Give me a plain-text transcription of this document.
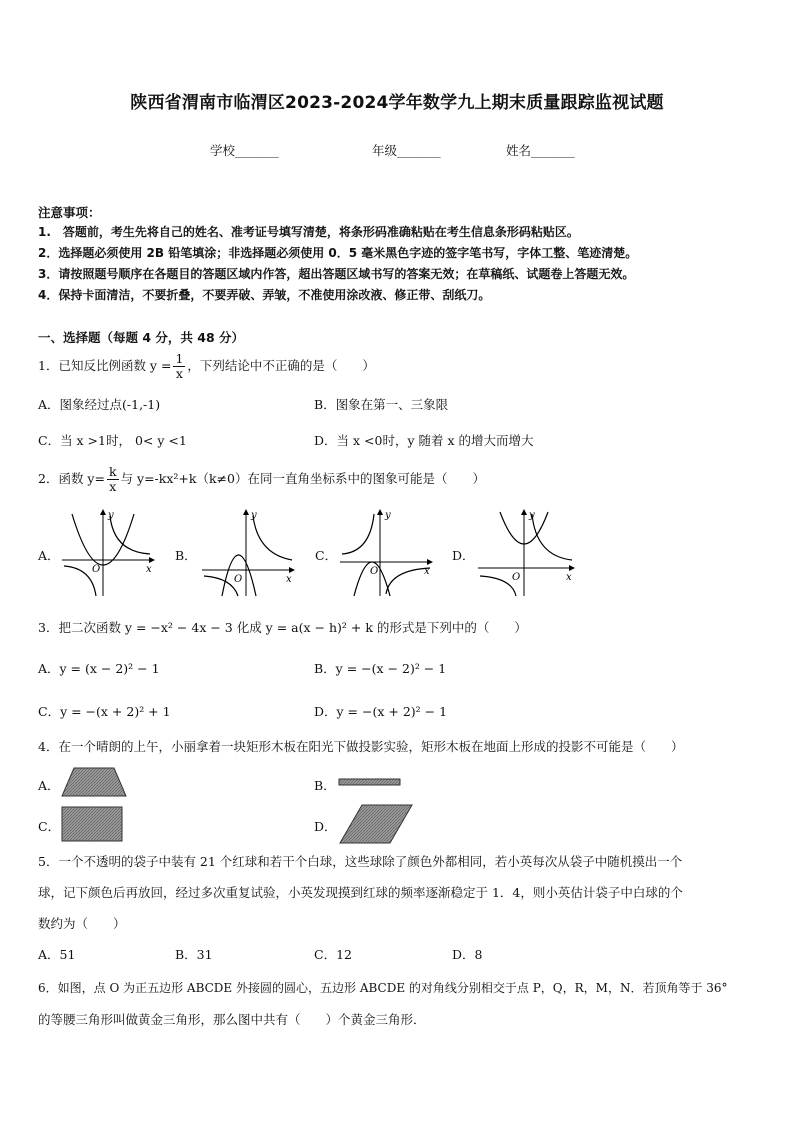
陕西省渭南市临渭区2023-2024学年数学九上期末质量跟踪监视试题
学校_______	年级_______	姓名_______
注意事项：
1.　答题前，考生先将自己的姓名、准考证号填写清楚，将条形码准确粘贴在考生信息条形码粘贴区。
2．选择题必须使用 2B 铅笔填涂；非选择题必须使用 0．5 毫米黑色字迹的签字笔书写，字体工整、笔迹清楚。
3．请按照题号顺序在各题目的答题区域内作答，超出答题区域书写的答案无效；在草稿纸、试题卷上答题无效。
4．保持卡面清洁，不要折叠，不要弄破、弄皱，不准使用涂改液、修正带、刮纸刀。
一、选择题（每题 4 分，共 48 分）
1．已知反比例函数 $y = \frac{1}{x}$ ，下列结论中不正确的是（　　）
A．图象经过点(-1,-1)	B．图象在第一、三象限
C．当 x >1时， 0< y <1	D．当 x <0时，y 随着 x 的增大而增大
2．函数 $y= \frac{k}{x}$ 与 y=-kx²+k（k≠0）在同一直角坐标系中的图象可能是（　　）
A．	B．	C．	D．
y
x
O
y
x
O
y
x
O
y
x
O
3．把二次函数 y = −x² − 4x − 3 化成 y = a(x − h)² + k 的形式是下列中的（　　）
A．y = (x − 2)² − 1	B．y = −(x − 2)² − 1
C．y = −(x + 2)² + 1	D．y = −(x + 2)² − 1
4．在一个晴朗的上午，小丽拿着一块矩形木板在阳光下做投影实验，矩形木板在地面上形成的投影不可能是（　　）
A．	B．
C．	D．
5．一个不透明的袋子中装有 21 个红球和若干个白球，这些球除了颜色外都相同，若小英每次从袋子中随机摸出一个
球，记下颜色后再放回，经过多次重复试验，小英发现摸到红球的频率逐渐稳定于 1．4，则小英估计袋子中白球的个
数约为（　　）
A．51	B．31	C．12	D．8
6．如图，点 O 为正五边形 ABCDE 外接圆的圆心，五边形 ABCDE 的对角线分别相交于点 P，Q，R，M，N．若顶角等于 36°
的等腰三角形叫做黄金三角形，那么图中共有（　　）个黄金三角形．
